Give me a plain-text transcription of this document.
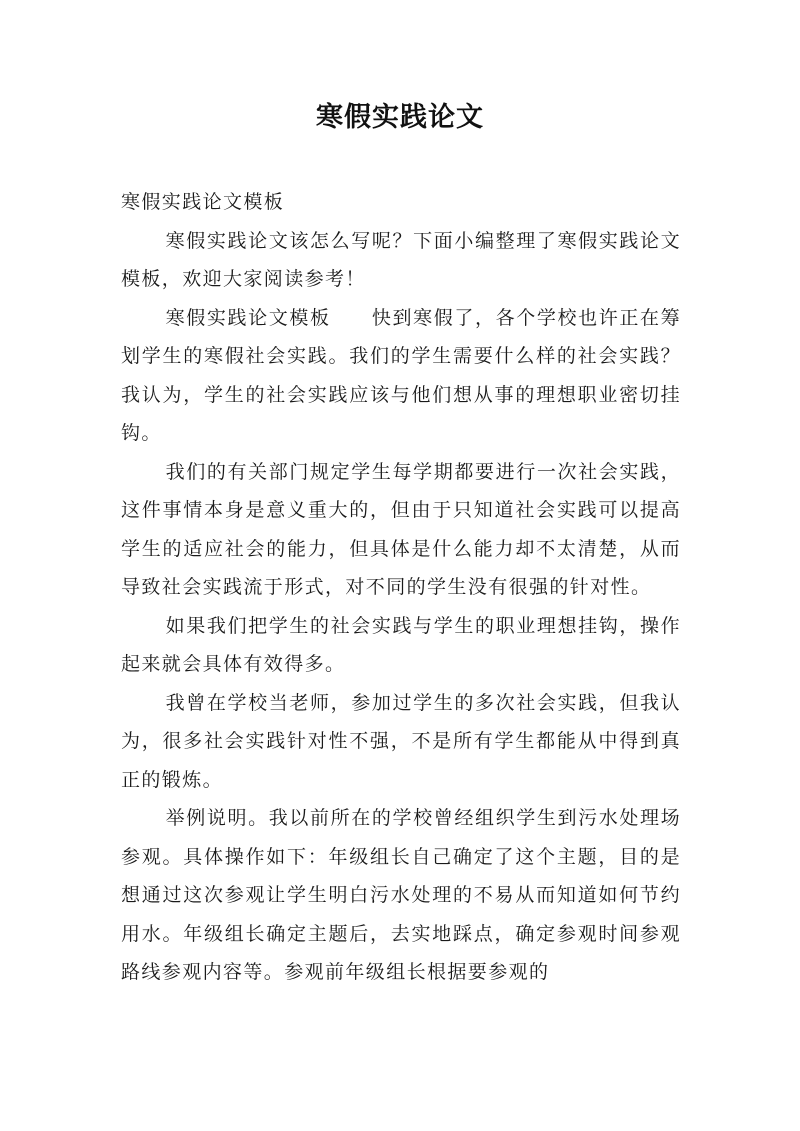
寒假实践论文

寒假实践论文模板

寒假实践论文该怎么写呢？下面小编整理了寒假实践论文模板，欢迎大家阅读参考！

寒假实践论文模板　　快到寒假了，各个学校也许正在筹划学生的寒假社会实践。我们的学生需要什么样的社会实践？我认为，学生的社会实践应该与他们想从事的理想职业密切挂钩。

我们的有关部门规定学生每学期都要进行一次社会实践，这件事情本身是意义重大的，但由于只知道社会实践可以提高学生的适应社会的能力，但具体是什么能力却不太清楚，从而导致社会实践流于形式，对不同的学生没有很强的针对性。

如果我们把学生的社会实践与学生的职业理想挂钩，操作起来就会具体有效得多。

我曾在学校当老师，参加过学生的多次社会实践，但我认为，很多社会实践针对性不强，不是所有学生都能从中得到真正的锻炼。

举例说明。我以前所在的学校曾经组织学生到污水处理场参观。具体操作如下：年级组长自己确定了这个主题，目的是想通过这次参观让学生明白污水处理的不易从而知道如何节约用水。年级组长确定主题后，去实地踩点，确定参观时间参观路线参观内容等。参观前年级组长根据要参观的
